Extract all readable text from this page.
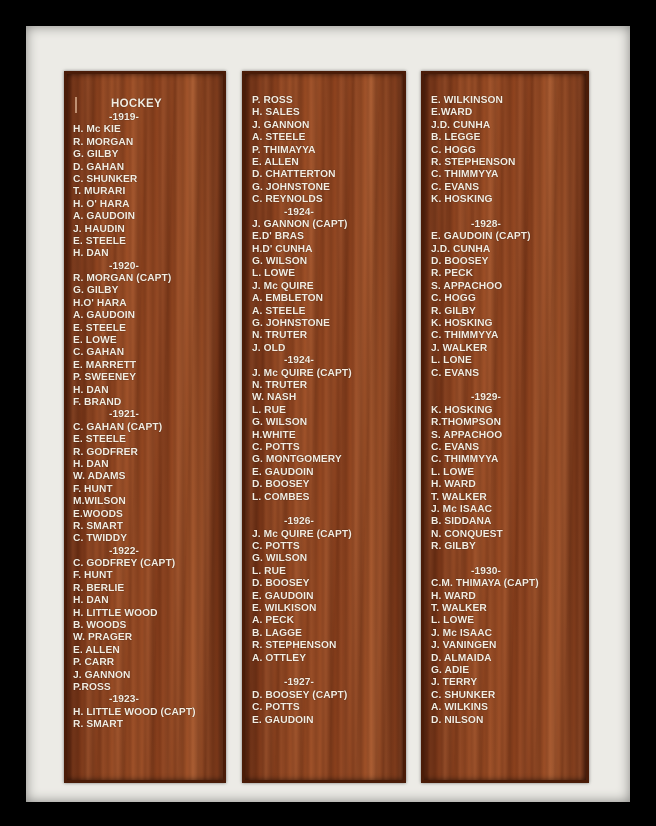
HOCKEY
-1919-
H. Mc KIE
R. MORGAN
G. GILBY
D. GAHAN
C. SHUNKER
T. MURARI
H. O' HARA
A. GAUDOIN
J. HAUDIN
E. STEELE
H. DAN
-1920-
R. MORGAN (CAPT)
G. GILBY
H.O' HARA
A. GAUDOIN
E. STEELE
E. LOWE
C. GAHAN
E. MARRETT
P. SWEENEY
H. DAN
F. BRAND
-1921-
C. GAHAN (CAPT)
E. STEELE
R. GODFRER
H. DAN
W. ADAMS
F. HUNT
M.WILSON
E.WOODS
R. SMART
C. TWIDDY
-1922-
C. GODFREY (CAPT)
F. HUNT
R. BERLIE
H. DAN
H. LITTLE WOOD
B. WOODS
W. PRAGER
E. ALLEN
P. CARR
J. GANNON
P.ROSS
-1923-
H. LITTLE WOOD (CAPT)
R. SMART
P. ROSS
H. SALES
J. GANNON
A. STEELE
P. THIMAYYA
E. ALLEN
D. CHATTERTON
G. JOHNSTONE
C. REYNOLDS
-1924-
J. GANNON (CAPT)
E.D' BRAS
H.D' CUNHA
G. WILSON
L. LOWE
J. Mc QUIRE
A. EMBLETON
A. STEELE
G. JOHNSTONE
N. TRUTER
J. OLD
-1924-
J. Mc QUIRE (CAPT)
N. TRUTER
W. NASH
L. RUE
G. WILSON
H.WHITE
C. POTTS
G. MONTGOMERY
E. GAUDOIN
D. BOOSEY
L. COMBES
-1926-
J. Mc QUIRE (CAPT)
C. POTTS
G. WILSON
L. RUE
D. BOOSEY
E. GAUDOIN
E. WILKISON
A. PECK
B. LAGGE
R. STEPHENSON
A. OTTLEY
-1927-
D. BOOSEY (CAPT)
C. POTTS
E. GAUDOIN
E. WILKINSON
E.WARD
J.D. CUNHA
B. LEGGE
C. HOGG
R. STEPHENSON
C. THIMMYYA
C. EVANS
K. HOSKING
-1928-
E. GAUDOIN (CAPT)
J.D. CUNHA
D. BOOSEY
R. PECK
S. APPACHOO
C. HOGG
R. GILBY
K. HOSKING
C. THIMMYYA
J. WALKER
L. LONE
C. EVANS
-1929-
K. HOSKING
R.THOMPSON
S. APPACHOO
C. EVANS
C. THIMMYYA
L. LOWE
H. WARD
T. WALKER
J. Mc ISAAC
B. SIDDANA
N. CONQUEST
R. GILBY
-1930-
C.M. THIMAYA (CAPT)
H. WARD
T. WALKER
L. LOWE
J. Mc ISAAC
J. VANINGEN
D. ALMAIDA
G. ADIE
J. TERRY
C. SHUNKER
A. WILKINS
D. NILSON
